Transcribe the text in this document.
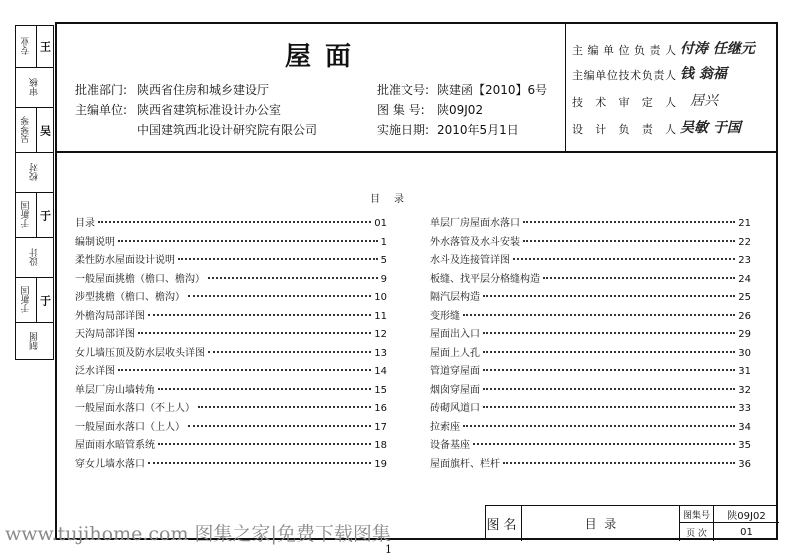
屋面
批准部门: 陕西省住房和城乡建设厅
主编单位: 陕西省建筑标准设计办公室
中国建筑西北设计研究院有限公司
批准文号: 陕建函【2010】6号
图 集 号: 陕09J02
实施日期: 2010年5月1日
主编单位负责人 付涛 任继元
主编单位技术负责人 钱 翁福
技术审定人 居兴
设计负责人 吴敏 于国
专业 王
审核
吴琴琴 吴
校对
于新国 于
设计
于新国 于
制图
目录
目录	01
编制说明	1
柔性防水屋面设计说明	5
一般屋面挑檐（檐口、檐沟）	9
涉型挑檐（檐口、檐沟）	10
外檐沟局部详图	11
天沟局部详图	12
女儿墙压顶及防水层收头详图	13
泛水详图	14
单层厂房山墙转角	15
一般屋面水落口（不上人）	16
一般屋面水落口（上人）	17
屋面雨水暗管系统	18
穿女儿墙水落口	19
单层厂房屋面水落口	21
外水落管及水斗安装	22
水斗及连接管详图	23
板缝、找平层分格缝构造	24
隔汽层构造	25
变形缝	26
屋面出入口	29
屋面上人孔	30
管道穿屋面	31
烟囱穿屋面	32
砖砌风道口	33
拉索座	34
设备基座	35
屋面旗杆、栏杆	36
图名	目  录
图集号	陕09J02
页 次	01
www.tujihome.com 图集之家|免费下载图集
1
